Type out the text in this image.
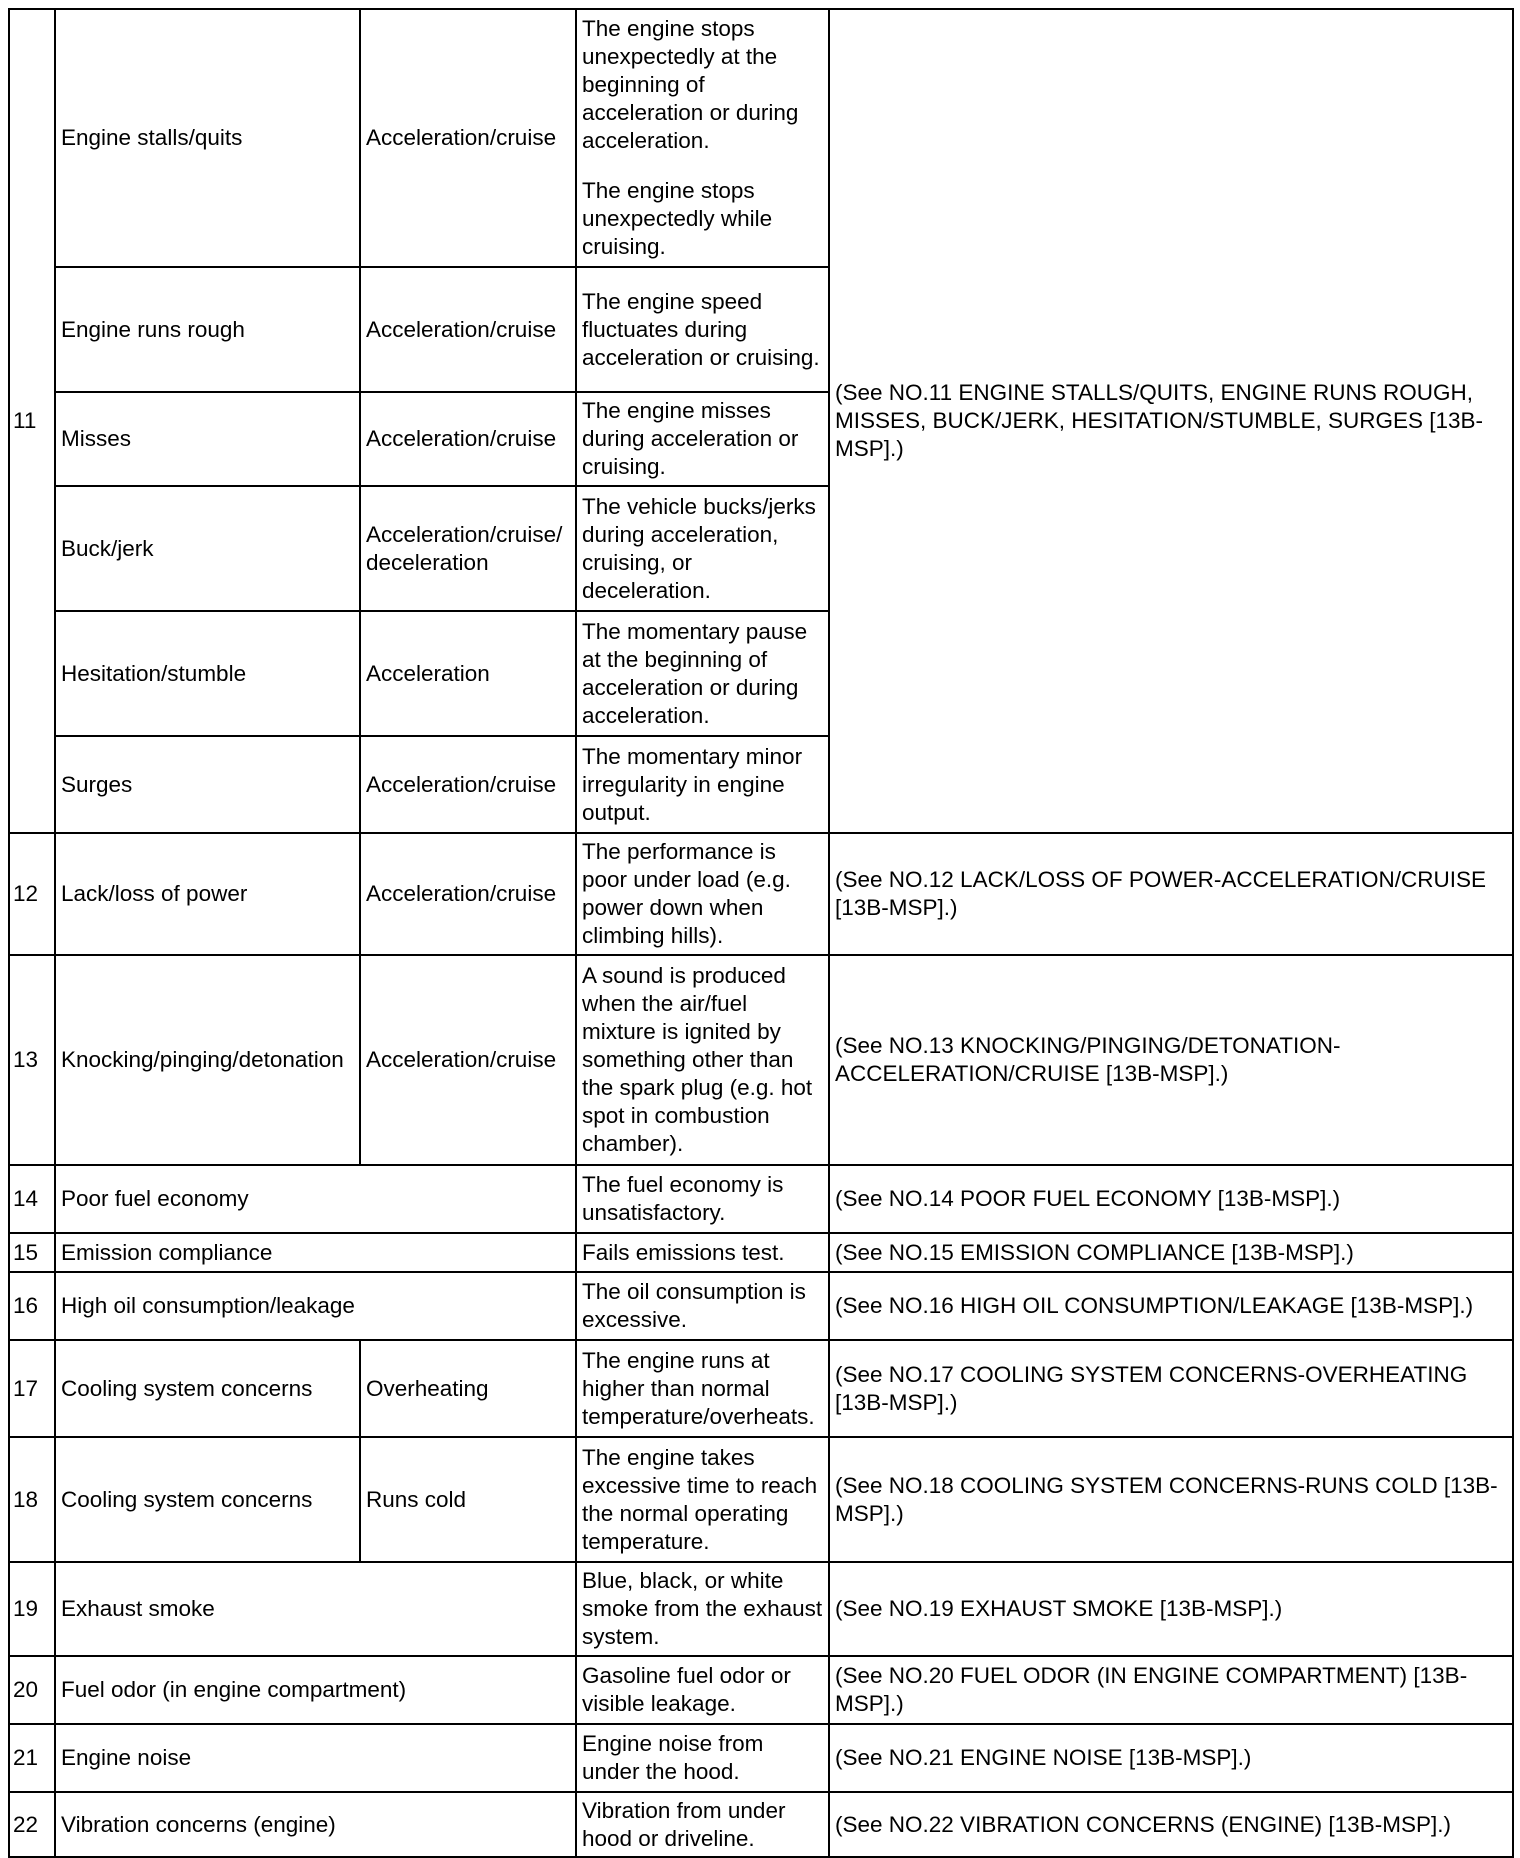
11	Engine stalls/quits	Acceleration/cruise	The engine stops unexpectedly at the beginning of acceleration or during acceleration.
The engine stops unexpectedly while cruising.	(See NO.11 ENGINE STALLS/QUITS, ENGINE RUNS ROUGH, MISSES, BUCK/JERK, HESITATION/STUMBLE, SURGES [13B-MSP].)
	Engine runs rough	Acceleration/cruise	The engine speed fluctuates during acceleration or cruising.	
	Misses	Acceleration/cruise	The engine misses during acceleration or cruising.	
	Buck/jerk	Acceleration/cruise/ deceleration	The vehicle bucks/jerks during acceleration, cruising, or deceleration.	
	Hesitation/stumble	Acceleration	The momentary pause at the beginning of acceleration or during acceleration.	
	Surges	Acceleration/cruise	The momentary minor irregularity in engine output.	
12	Lack/loss of power	Acceleration/cruise	The performance is poor under load (e.g. power down when climbing hills).	(See NO.12 LACK/LOSS OF POWER-ACCELERATION/CRUISE [13B-MSP].)
13	Knocking/pinging/detonation	Acceleration/cruise	A sound is produced when the air/fuel mixture is ignited by something other than the spark plug (e.g. hot spot in combustion chamber).	(See NO.13 KNOCKING/PINGING/DETONATION-ACCELERATION/CRUISE [13B-MSP].)
14	Poor fuel economy		The fuel economy is unsatisfactory.	(See NO.14 POOR FUEL ECONOMY [13B-MSP].)
15	Emission compliance		Fails emissions test.	(See NO.15 EMISSION COMPLIANCE [13B-MSP].)
16	High oil consumption/leakage		The oil consumption is excessive.	(See NO.16 HIGH OIL CONSUMPTION/LEAKAGE [13B-MSP].)
17	Cooling system concerns	Overheating	The engine runs at higher than normal temperature/overheats.	(See NO.17 COOLING SYSTEM CONCERNS-OVERHEATING [13B-MSP].)
18	Cooling system concerns	Runs cold	The engine takes excessive time to reach the normal operating temperature.	(See NO.18 COOLING SYSTEM CONCERNS-RUNS COLD [13B-MSP].)
19	Exhaust smoke		Blue, black, or white smoke from the exhaust system.	(See NO.19 EXHAUST SMOKE [13B-MSP].)
20	Fuel odor (in engine compartment)		Gasoline fuel odor or visible leakage.	(See NO.20 FUEL ODOR (IN ENGINE COMPARTMENT) [13B-MSP].)
21	Engine noise		Engine noise from under the hood.	(See NO.21 ENGINE NOISE [13B-MSP].)
22	Vibration concerns (engine)		Vibration from under hood or driveline.	(See NO.22 VIBRATION CONCERNS (ENGINE) [13B-MSP].)
